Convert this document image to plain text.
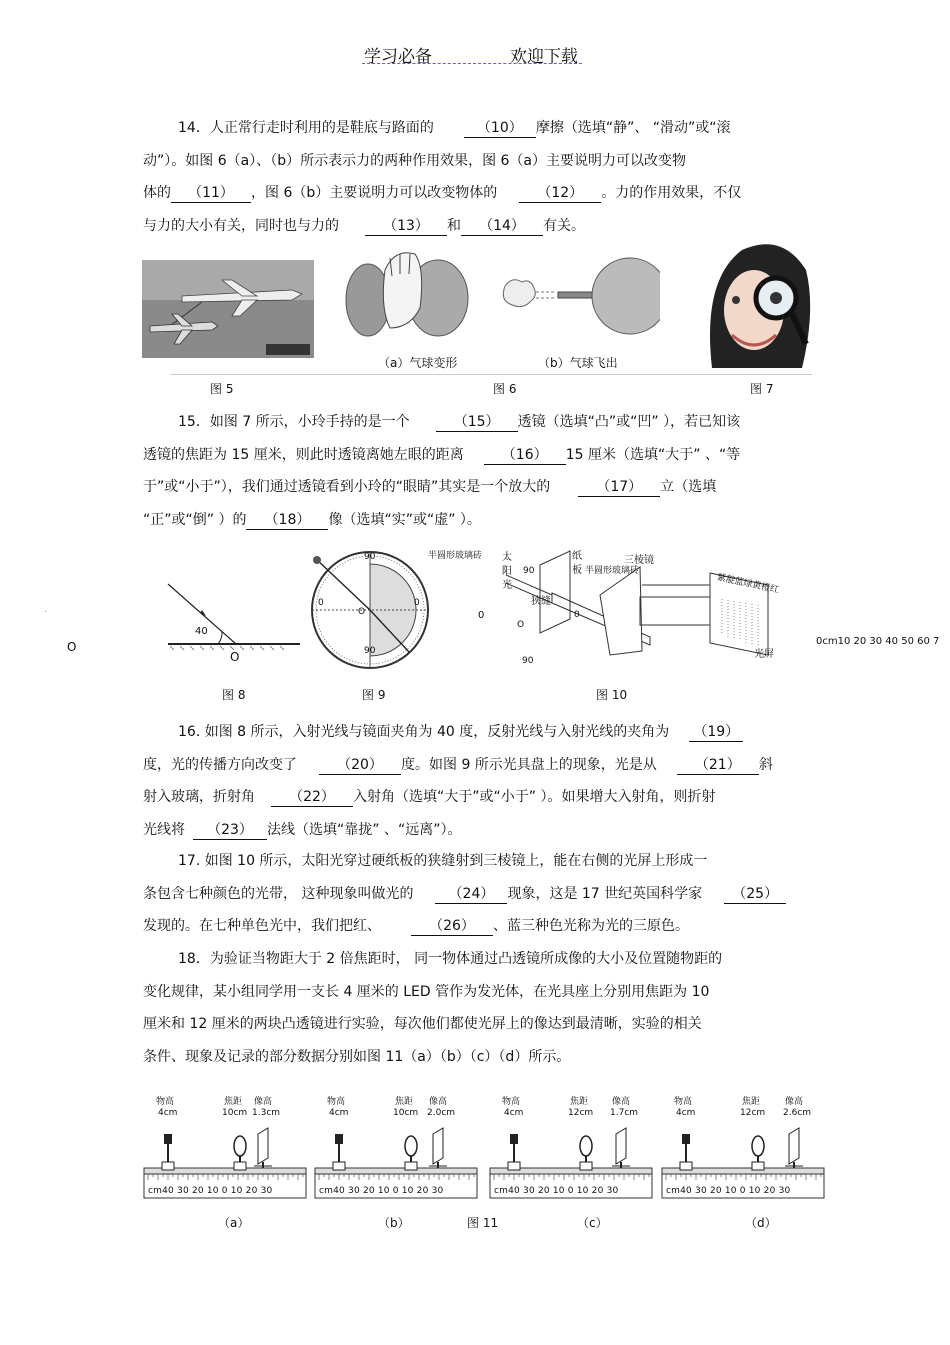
学习必备	欢迎下载

14．人正常行走时利用的是鞋底与路面的	（10） 摩擦（选填“静”、 “滑动”或“滚

动”）。如图 6（a）、（b）所示表示力的两种作用效果，图 6（a）主要说明力可以改变物

体的 （11） ，图 6（b）主要说明力可以改变物体的	（12） 。力的作用效果，不仅

与力的大小有关，同时也与力的	（13） 和 （14） 有关。

（a）气球变形	（b）气球飞出
图 5	图 6	图 7

15．如图 7 所示，小玲手持的是一个	（15） 透镜（选填“凸”或“凹” ），若已知该

透镜的焦距为 15 厘米，则此时透镜离她左眼的距离	（16） 15 厘米（选填“大于” 、“等

于”或“小于”），我们通过透镜看到小玲的“眼睛”其实是一个放大的	（17） 立（选填

“正”或“倒” ）的 （18） 像（选填“实”或“虚” ）。

.
O
40
O
90
90
0	0
O
半圆形玻璃砖
0
太
阳
光
90
纸
板 半圆形玻璃砖
三棱镜
狭缝
0
O
90
紫靛蓝绿黄橙红
光屏
0cm10 20 30 40 50 60 7
图 8	图 9	图 10

16. 如图 8 所示，入射光线与镜面夹角为 40 度，反射光线与入射光线的夹角为 （19）

度，光的传播方向改变了	（20） 度。如图 9 所示光具盘上的现象，光是从	（21） 斜

射入玻璃，折射角 （22） 入射角（选填“大于”或“小于” ）。如果增大入射角，则折射

光线将 （23） 法线（选填“靠拢” 、“远离”）。

17. 如图 10 所示，太阳光穿过硬纸板的狭缝射到三棱镜上，能在右侧的光屏上形成一

条包含七种颜色的光带， 这种现象叫做光的	（24） 现象，这是 17 世纪英国科学家 （25）

发现的。在七种单色光中，我们把红、	（26） 、蓝三种色光称为光的三原色。

18．为验证当物距大于 2 倍焦距时， 同一物体通过凸透镜所成像的大小及位置随物距的

变化规律，某小组同学用一支长 4 厘米的 LED 管作为发光体，在光具座上分别用焦距为 10

厘米和 12 厘米的两块凸透镜进行实验，每次他们都使光屏上的像达到最清晰，实验的相关

条件、现象及记录的部分数据分别如图 11（a）（b）（c）（d）所示。

物高
4cm
焦距
10cm
像高
1.3cm
（a）
cm40 30 20 10 0 10 20 30
物高
4cm
焦距
10cm
像高
2.0cm
（b）
cm40 30 20 10 0 10 20 30
物高
4cm
焦距
12cm
像高
1.7cm
（c）
cm40 30 20 10 0 10 20 30
物高
4cm
焦距
12cm
像高
2.6cm
（d）
cm40 30 20 10 0 10 20 30
图 11
